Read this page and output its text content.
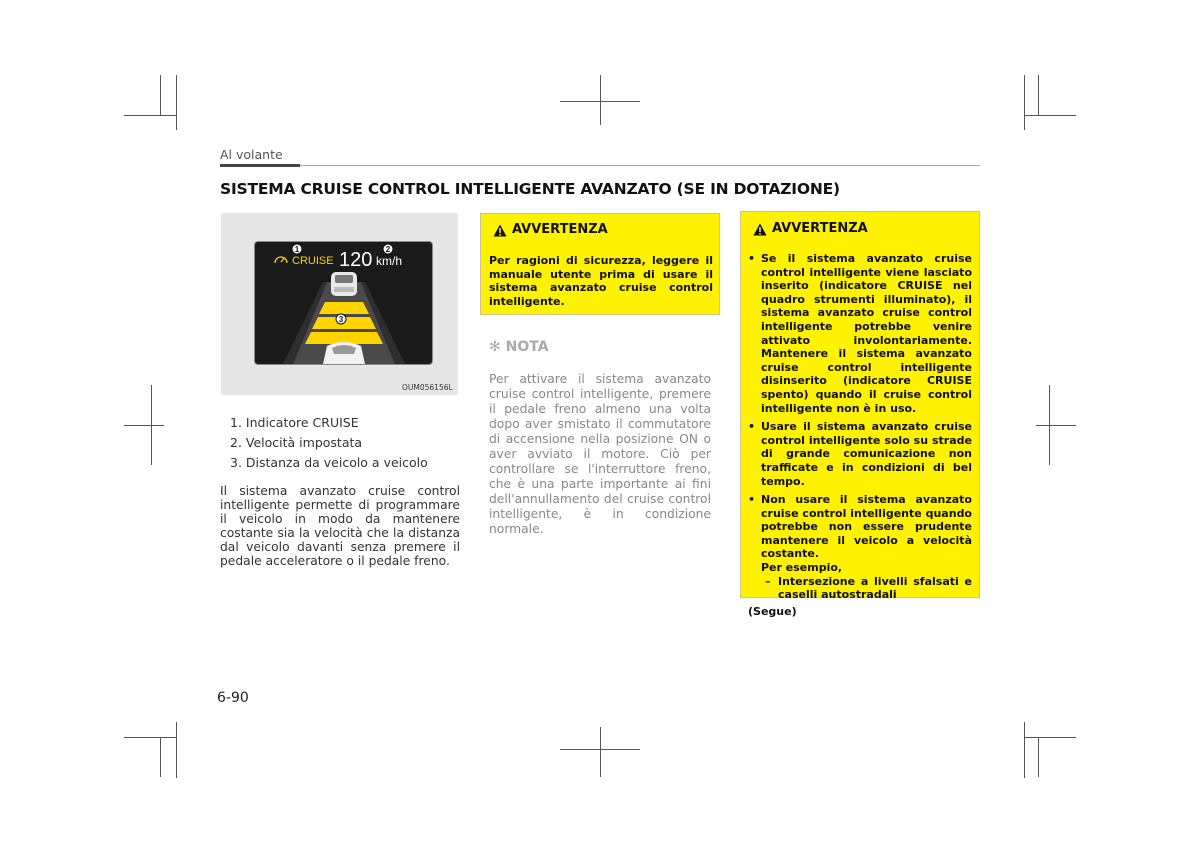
Al volante
SISTEMA CRUISE CONTROL INTELLIGENTE AVANZATO (SE IN DOTAZIONE)
CRUISE 120 km/h
1	2
3
OUM056156L
1. Indicatore CRUISE
2. Velocità impostata
3. Distanza da veicolo a veicolo
Il sistema avanzato cruise control intelligente permette di programmare il veicolo in modo da mantenere costante sia la velocità che la distanza dal veicolo davanti senza premere il pedale acceleratore o il pedale freno.
AVVERTENZA
Per ragioni di sicurezza, leggere il manuale utente prima di usare il sistema avanzato cruise control intelligente.
✻ NOTA
Per attivare il sistema avanzato cruise control intelligente, premere il pedale freno almeno una volta dopo aver smistato il commutatore di accensione nella posizione ON o aver avviato il motore. Ciò per controllare se l'interruttore freno, che è una parte importante ai fini dell'annullamento del cruise control intelligente, è in condizione normale.
AVVERTENZA
• Se il sistema avanzato cruise control intelligente viene lasciato inserito (indicatore CRUISE nel quadro strumenti illuminato), il sistema avanzato cruise control intelligente potrebbe venire attivato involontariamente. Mantenere il sistema avanzato cruise control intelligente disinserito (indicatore CRUISE spento) quando il cruise control intelligente non è in uso.
• Usare il sistema avanzato cruise control intelligente solo su strade di grande comunicazione non trafficate e in condizioni di bel tempo.
• Non usare il sistema avanzato cruise control intelligente quando potrebbe non essere prudente mantenere il veicolo a velocità costante.
Per esempio,
– Intersezione a livelli sfalsati e caselli autostradali
(Segue)
6-90
